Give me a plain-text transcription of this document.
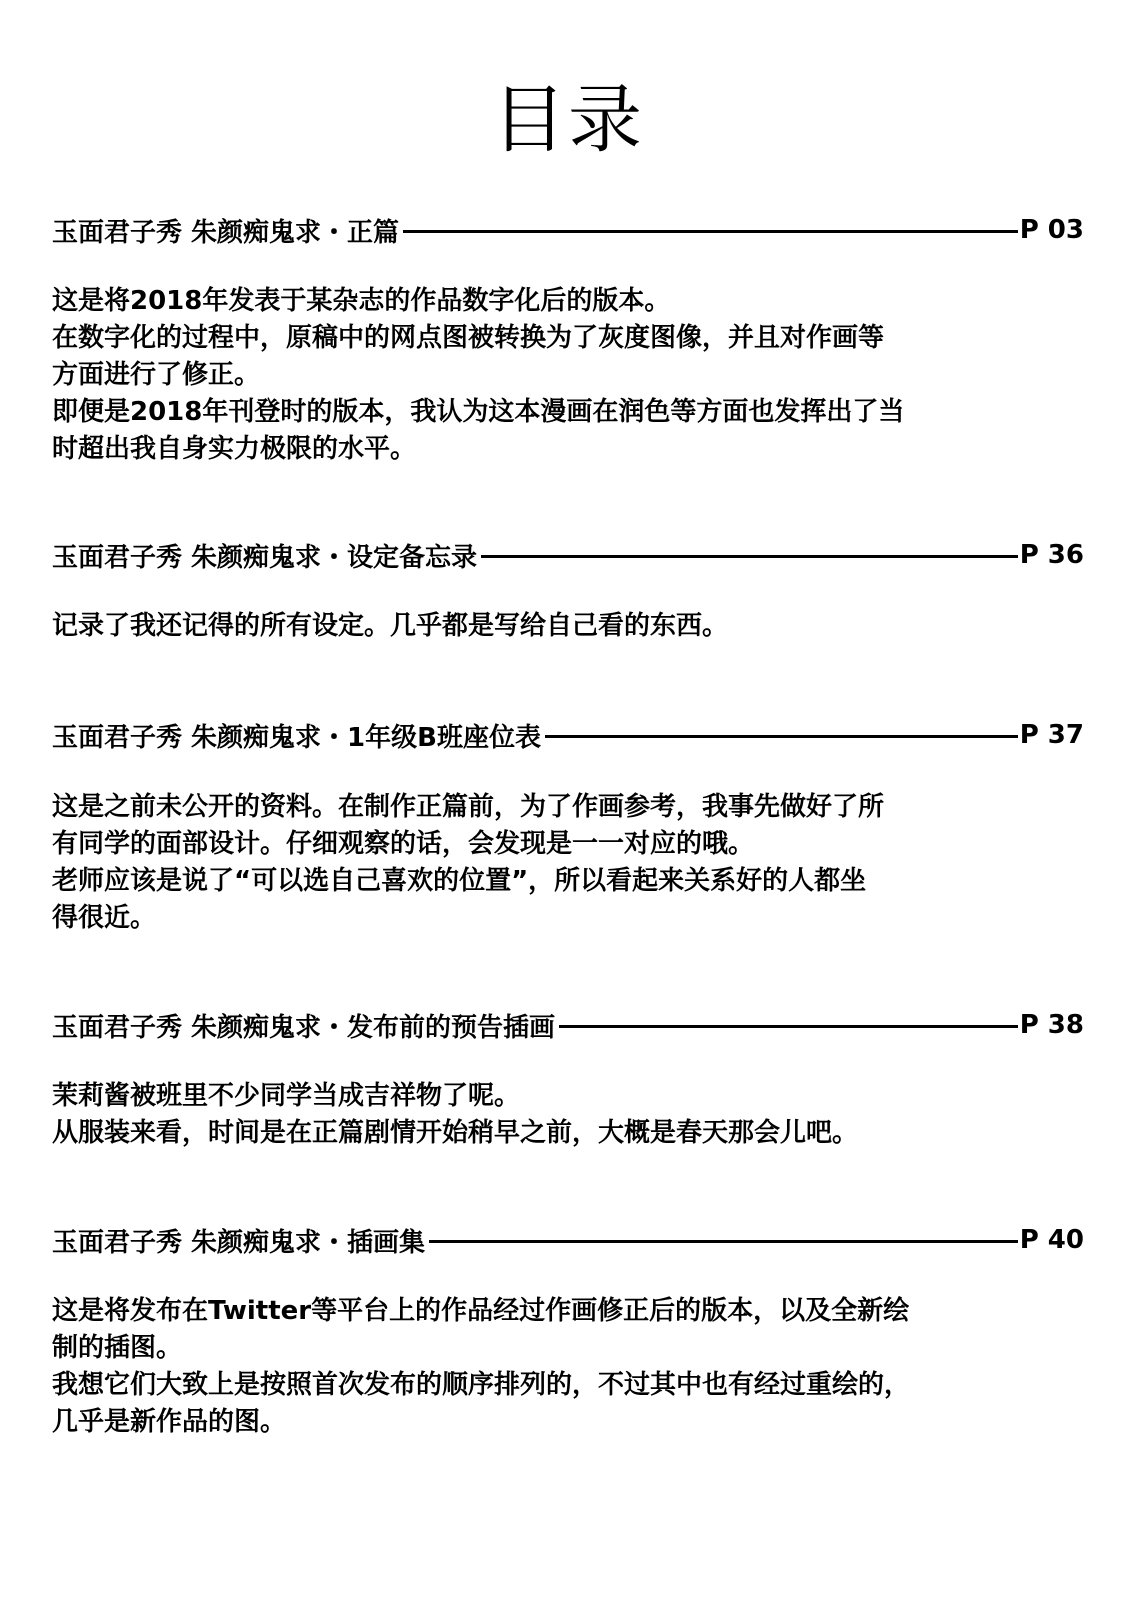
目录
玉面君子秀 朱颜痴鬼求・正篇	P 03

这是将2018年发表于某杂志的作品数字化后的版本。

在数字化的过程中，原稿中的网点图被转换为了灰度图像，并且对作画等

方面进行了修正。

即便是2018年刊登时的版本，我认为这本漫画在润色等方面也发挥出了当

时超出我自身实力极限的水平。

玉面君子秀 朱颜痴鬼求・设定备忘录	P 36

记录了我还记得的所有设定。几乎都是写给自己看的东西。

玉面君子秀 朱颜痴鬼求・1年级B班座位表	P 37

这是之前未公开的资料。在制作正篇前，为了作画参考，我事先做好了所

有同学的面部设计。仔细观察的话，会发现是一一对应的哦。

老师应该是说了“可以选自己喜欢的位置”，所以看起来关系好的人都坐

得很近。

玉面君子秀 朱颜痴鬼求・发布前的预告插画	P 38

茉莉酱被班里不少同学当成吉祥物了呢。

从服装来看，时间是在正篇剧情开始稍早之前，大概是春天那会儿吧。

玉面君子秀 朱颜痴鬼求・插画集	P 40

这是将发布在Twitter等平台上的作品经过作画修正后的版本，以及全新绘

制的插图。

我想它们大致上是按照首次发布的顺序排列的，不过其中也有经过重绘的，

几乎是新作品的图。
